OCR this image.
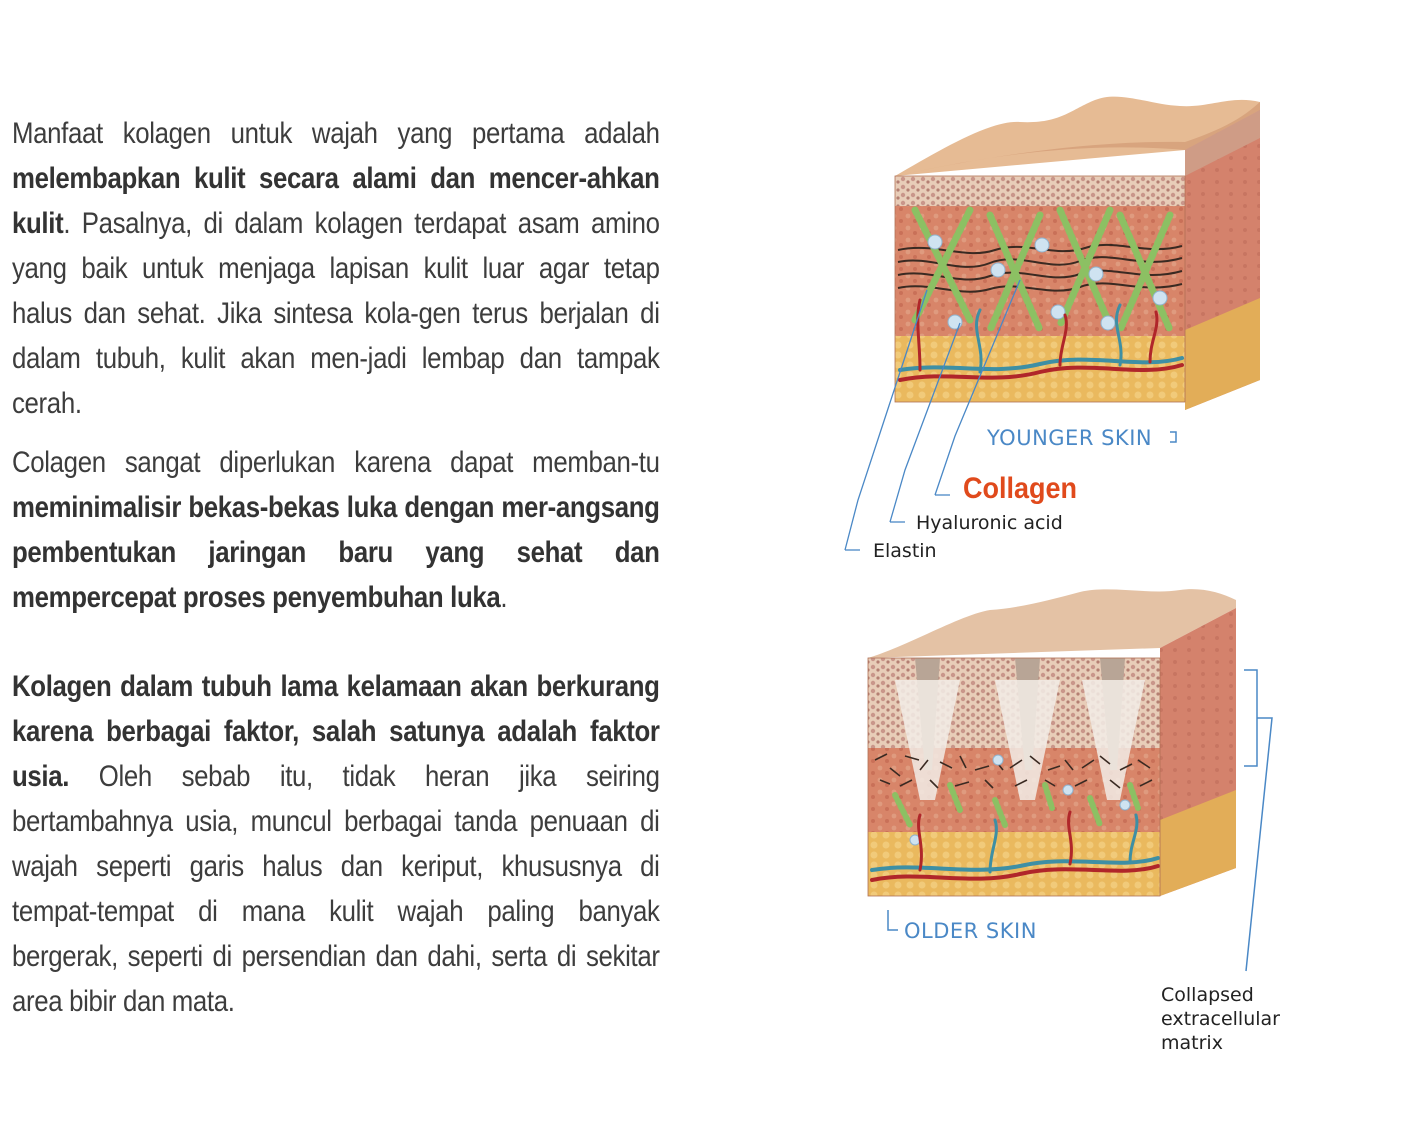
Manfaat kolagen untuk wajah yang pertama adalah melembapkan kulit secara alami dan mencer-ahkan kulit. Pasalnya, di dalam kolagen terdapat asam amino yang baik untuk menjaga lapisan kulit luar agar tetap halus dan sehat. Jika sintesa kola-gen terus berjalan di dalam tubuh, kulit akan men-jadi lembap dan tampak cerah.

Colagen sangat diperlukan karena dapat memban-tu meminimalisir bekas-bekas luka dengan mer-angsang pembentukan jaringan baru yang sehat dan mempercepat proses penyembuhan luka.

Kolagen dalam tubuh lama kelamaan akan berkurang karena berbagai faktor, salah satunya adalah faktor usia. Oleh sebab itu, tidak heran jika seiring bertambahnya usia, muncul berbagai tanda penuaan di wajah seperti garis halus dan keriput, khususnya di tempat-tempat di mana kulit wajah paling banyak bergerak, seperti di persendian dan dahi, serta di sekitar area bibir dan mata.

YOUNGER SKIN
Collagen
Hyaluronic acid
Elastin
OLDER SKIN
Collapsed
extracellular
matrix
